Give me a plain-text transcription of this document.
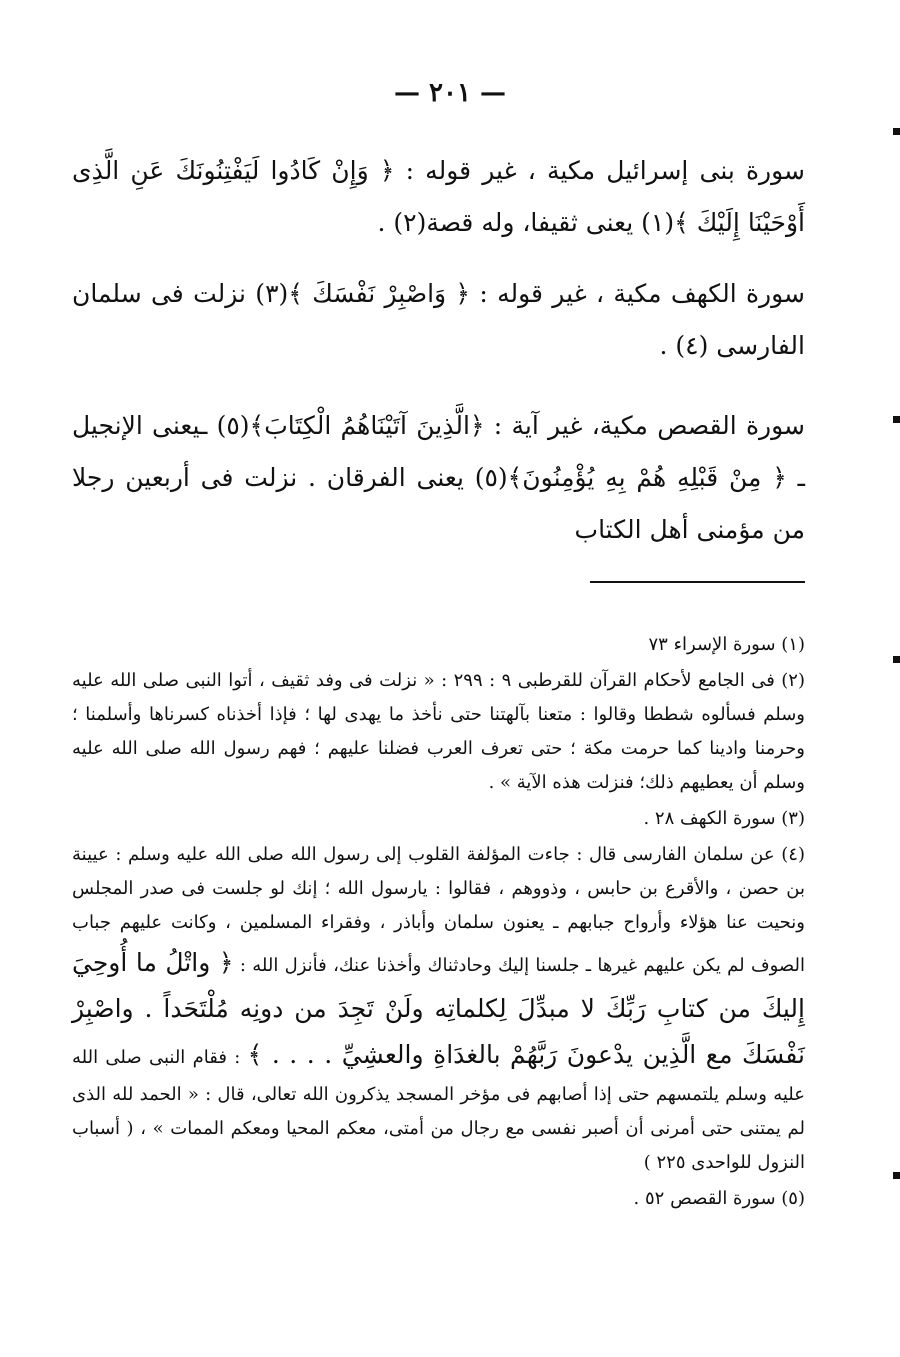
— ٢٠١ —

سورة بنى إسرائيل مكية ، غير قوله : ﴿ وَإِنْ كَادُوا لَيَفْتِنُونَكَ عَنِ الَّذِى أَوْحَيْنَا إِلَيْكَ ﴾(١) يعنى ثقيفا، وله قصة(٢) .

سورة الكهف مكية ، غير قوله : ﴿ وَاصْبِرْ نَفْسَكَ ﴾(٣) نزلت فى سلمان الفارسى (٤) .

سورة القصص مكية، غير آية : ﴿الَّذِينَ آتَيْنَاهُمُ الْكِتَابَ﴾(٥) ـيعنى الإنجيل ـ ﴿ مِنْ قَبْلِهِ هُمْ بِهِ يُؤْمِنُونَ﴾(٥) يعنى الفرقان . نزلت فى أربعين رجلا من مؤمنى أهل الكتاب

(١) سورة الإسراء ٧٣

(٢) فى الجامع لأحكام القرآن للقرطبى ٩ : ٢٩٩ : « نزلت فى وفد ثقيف ، أتوا النبى صلى الله عليه وسلم فسألوه شططا وقالوا : متعنا بآلهتنا حتى نأخذ ما يهدى لها ؛ فإذا أخذناه كسرناها وأسلمنا ؛ وحرمنا وادينا كما حرمت مكة ؛ حتى تعرف العرب فضلنا عليهم ؛ فهم رسول الله صلى الله عليه وسلم أن يعطيهم ذلك؛ فنزلت هذه الآية » .

(٣) سورة الكهف ٢٨ .

(٤) عن سلمان الفارسى قال : جاءت المؤلفة القلوب إلى رسول الله صلى الله عليه وسلم : عيينة بن حصن ، والأقرع بن حابس ، وذووهم ، فقالوا : يارسول الله ؛ إنك لو جلست فى صدر المجلس ونحيت عنا هؤلاء وأرواح جبابهم ـ يعنون سلمان وأباذر ، وفقراء المسلمين ، وكانت عليهم جباب الصوف لم يكن عليهم غيرها ـ جلسنا إليك وحادثناك وأخذنا عنك، فأنزل الله : ﴿ واتْلُ ما أُوحِيَ إِليكَ من كتابِ رَبِّكَ لا مبدِّلَ لِكلماتِه ولَنْ تَجِدَ من دونِه مُلْتَحَداً . واصْبِرْ نَفْسَكَ مع الَّذِين يدْعونَ رَبَّهُمْ بالغدَاةِ والعشِيِّ . . . . ﴾ : فقام النبى صلى الله عليه وسلم يلتمسهم حتى إذا أصابهم فى مؤخر المسجد يذكرون الله تعالى، قال : « الحمد لله الذى لم يمتنى حتى أمرنى أن أصبر نفسى مع رجال من أمتى، معكم المحيا ومعكم الممات » ، ( أسباب النزول للواحدى ٢٢٥ )

(٥) سورة القصص ٥٢ .
